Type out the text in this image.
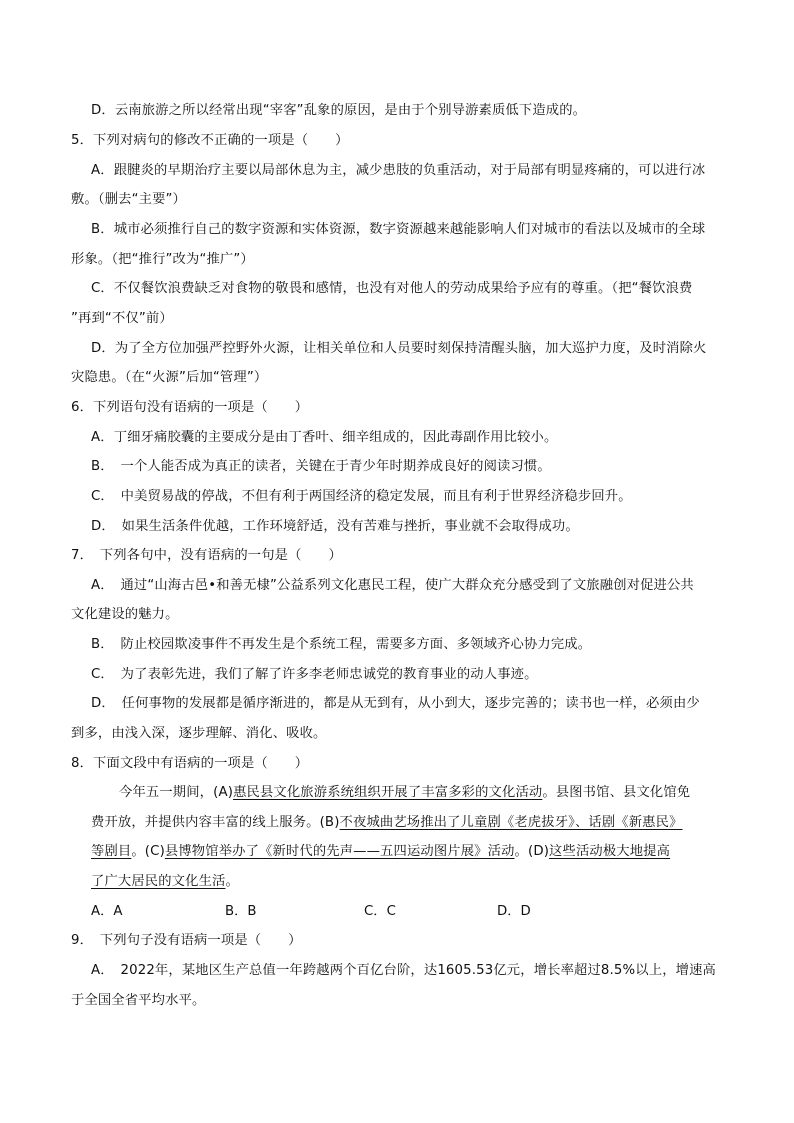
D．云南旅游之所以经常出现“宰客”乱象的原因，是由于个别导游素质低下造成的。
5．下列对病句的修改不正确的一项是（　　）
A．跟腱炎的早期治疗主要以局部休息为主，减少患肢的负重活动，对于局部有明显疼痛的，可以进行冰
敷。（删去“主要”）
B．城市必须推行自己的数字资源和实体资源，数字资源越来越能影响人们对城市的看法以及城市的全球
形象。（把“推行”改为“推广”）
C．不仅餐饮浪费缺乏对食物的敬畏和感情，也没有对他人的劳动成果给予应有的尊重。（把“餐饮浪费
”再到“不仅”前）
D．为了全方位加强严控野外火源，让相关单位和人员要时刻保持清醒头脑，加大巡护力度，及时消除火
灾隐患。（在“火源”后加“管理”）
6．下列语句没有语病的一项是（　　）
A．丁细牙痛胶囊的主要成分是由丁香叶、细辛组成的，因此毒副作用比较小。
B．　一个人能否成为真正的读者，关键在于青少年时期养成良好的阅读习惯。
C．　中美贸易战的停战，不但有利于两国经济的稳定发展，而且有利于世界经济稳步回升。
D．　如果生活条件优越，工作环境舒适，没有苦难与挫折，事业就不会取得成功。
7．　下列各句中，没有语病的一句是（　　）
A．　通过“山海古邑•和善无棣”公益系列文化惠民工程，使广大群众充分感受到了文旅融创对促进公共
文化建设的魅力。
B．　防止校园欺凌事件不再发生是个系统工程，需要多方面、多领域齐心协力完成。
C．　为了表彰先进，我们了解了许多李老师忠诚党的教育事业的动人事迹。
D．　任何事物的发展都是循序渐进的，都是从无到有，从小到大，逐步完善的；读书也一样，必须由少
到多，由浅入深，逐步理解、消化、吸收。
8．下面文段中有语病的一项是（　　）
今年五一期间，(A)惠民县文化旅游系统组织开展了丰富多彩的文化活动。县图书馆、县文化馆免
费开放，并提供内容丰富的线上服务。(B)不夜城曲艺场推出了儿童剧《老虎拔牙》、话剧《新惠民》
等剧目。(C)县博物馆举办了《新时代的先声——五四运动图片展》活动。(D)这些活动极大地提高
了广大居民的文化生活。
A．A	B．B	C．C	D．D
9．　下列句子没有语病一项是（　　）
A．　2022年，某地区生产总值一年跨越两个百亿台阶，达1605.53亿元，增长率超过8.5%以上，增速高
于全国全省平均水平。
